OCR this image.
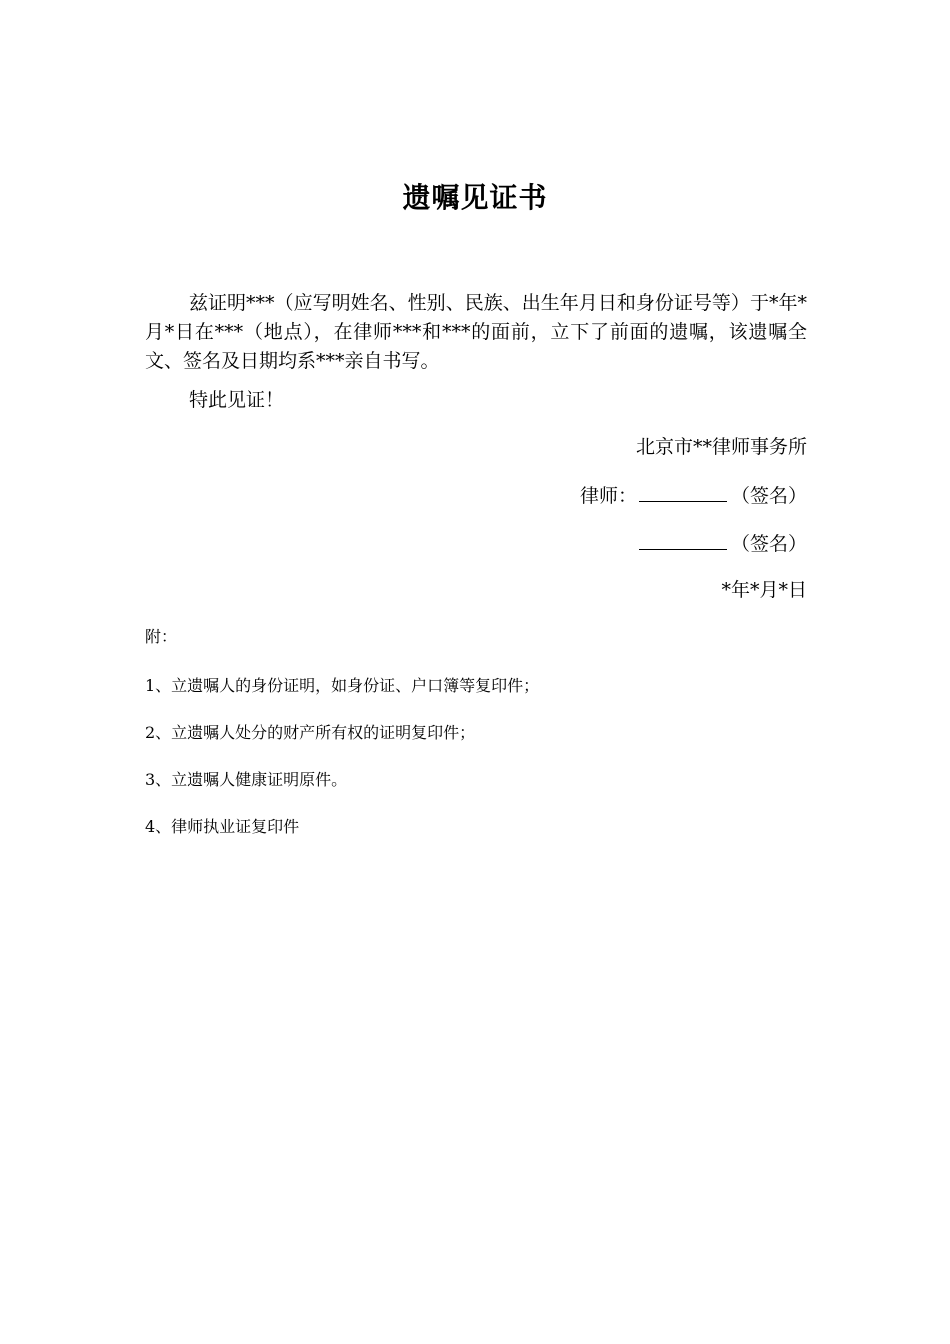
遗嘱见证书
兹证明***（应写明姓名、性别、民族、出生年月日和身份证号等）于*年*月*日在***（地点），在律师***和***的面前，立下了前面的遗嘱，该遗嘱全文、签名及日期均系***亲自书写。
特此见证！
北京市**律师事务所
律师：	（签名）
（签名）
*年*月*日
附：
1、立遗嘱人的身份证明，如身份证、户口簿等复印件；
2、立遗嘱人处分的财产所有权的证明复印件；
3、立遗嘱人健康证明原件。
4、律师执业证复印件
